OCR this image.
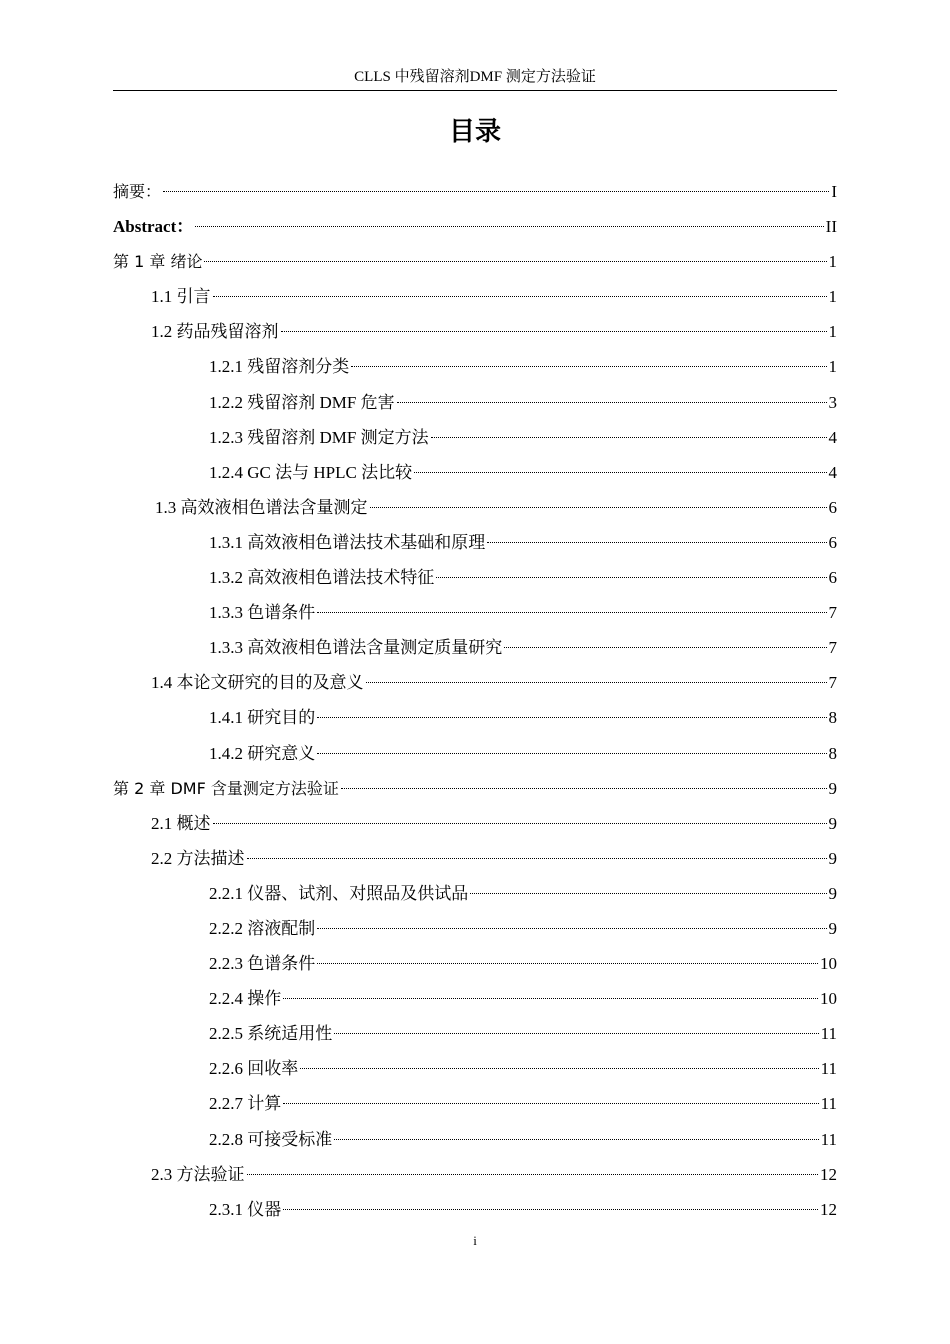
CLLS 中残留溶剂DMF 测定方法验证
目录
摘要：	I
Abstract：	II
第 1 章 绪论	1
1.1 引言	1
1.2 药品残留溶剂	1
1.2.1 残留溶剂分类	1
1.2.2 残留溶剂 DMF 危害	3
1.2.3 残留溶剂 DMF 测定方法	4
1.2.4 GC 法与 HPLC 法比较	4
1.3 高效液相色谱法含量测定	6
1.3.1 高效液相色谱法技术基础和原理	6
1.3.2 高效液相色谱法技术特征	6
1.3.3 色谱条件	7
1.3.3 高效液相色谱法含量测定质量研究	7
1.4 本论文研究的目的及意义	7
1.4.1 研究目的	8
1.4.2 研究意义	8
第 2 章 DMF 含量测定方法验证	9
2.1 概述	9
2.2 方法描述	9
2.2.1 仪器、试剂、对照品及供试品	9
2.2.2 溶液配制	9
2.2.3 色谱条件	10
2.2.4 操作	10
2.2.5 系统适用性	11
2.2.6 回收率	11
2.2.7 计算	11
2.2.8 可接受标准	11
2.3 方法验证	12
2.3.1 仪器	12
i
